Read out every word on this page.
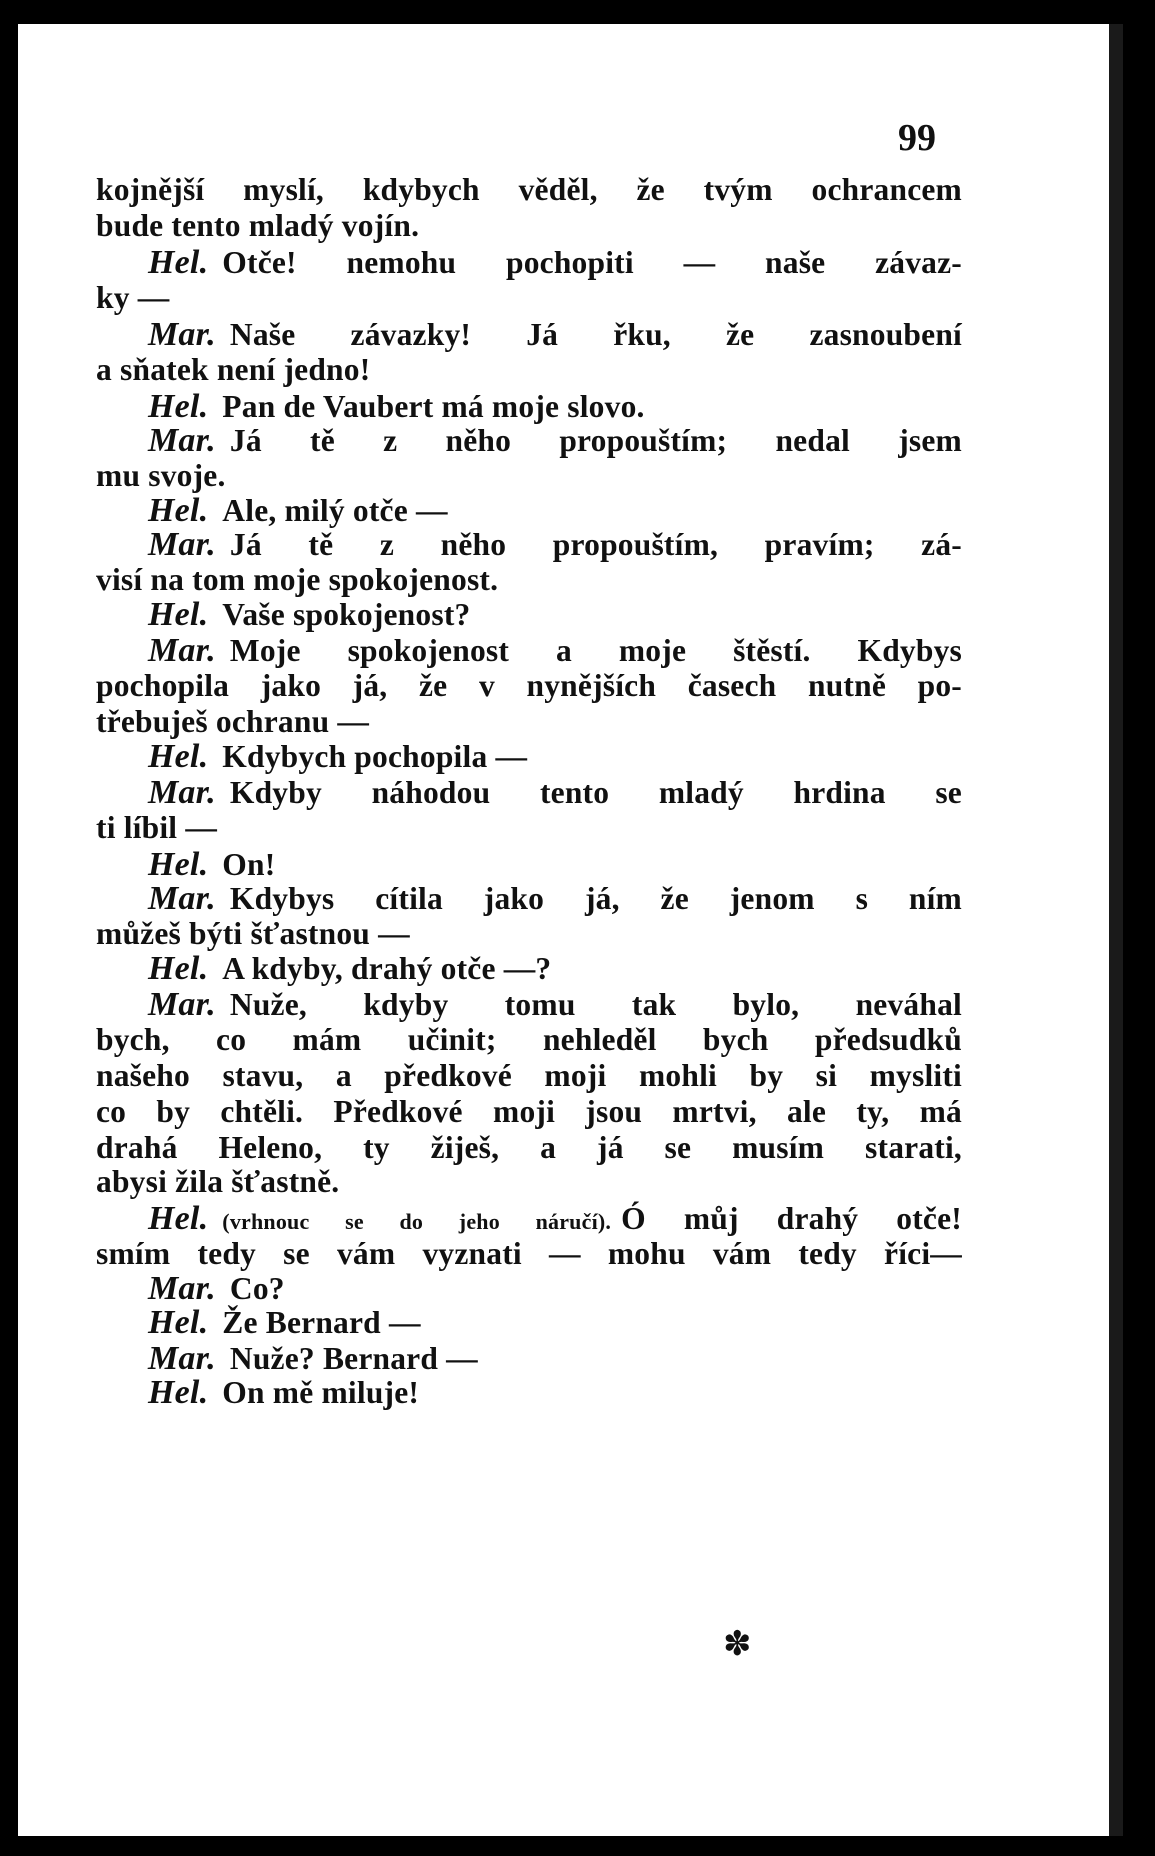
99
kojnější myslí, kdybych věděl, že tvým ochrancem
bude tento mladý vojín.
Hel. Otče! nemohu pochopiti — naše závaz-
ky —
Mar. Naše závazky! Já řku, že zasnoubení
a sňatek není jedno!
Hel. Pan de Vaubert má moje slovo.
Mar. Já tě z něho propouštím; nedal jsem
mu svoje.
Hel. Ale, milý otče —
Mar. Já tě z něho propouštím, pravím; zá-
visí na tom moje spokojenost.
Hel. Vaše spokojenost?
Mar. Moje spokojenost a moje štěstí. Kdybys
pochopila jako já, že v nynějších časech nutně po-
třebuješ ochranu —
Hel. Kdybych pochopila —
Mar. Kdyby náhodou tento mladý hrdina se
ti líbil —
Hel. On!
Mar. Kdybys cítila jako já, že jenom s ním
můžeš býti šťastnou —
Hel. A kdyby, drahý otče —?
Mar. Nuže, kdyby tomu tak bylo, neváhal
bych, co mám učinit; nehleděl bych předsudků
našeho stavu, a předkové moji mohli by si mysliti
co by chtěli. Předkové moji jsou mrtvi, ale ty, má
drahá Heleno, ty žiješ, a já se musím starati,
abysi žila šťastně.
Hel. (vrhnouc se do jeho náručí). Ó můj drahý otče!
smím tedy se vám vyznati — mohu vám tedy říci—
Mar. Co?
Hel. Že Bernard —
Mar. Nuže? Bernard —
Hel. On mě miluje!
✽
